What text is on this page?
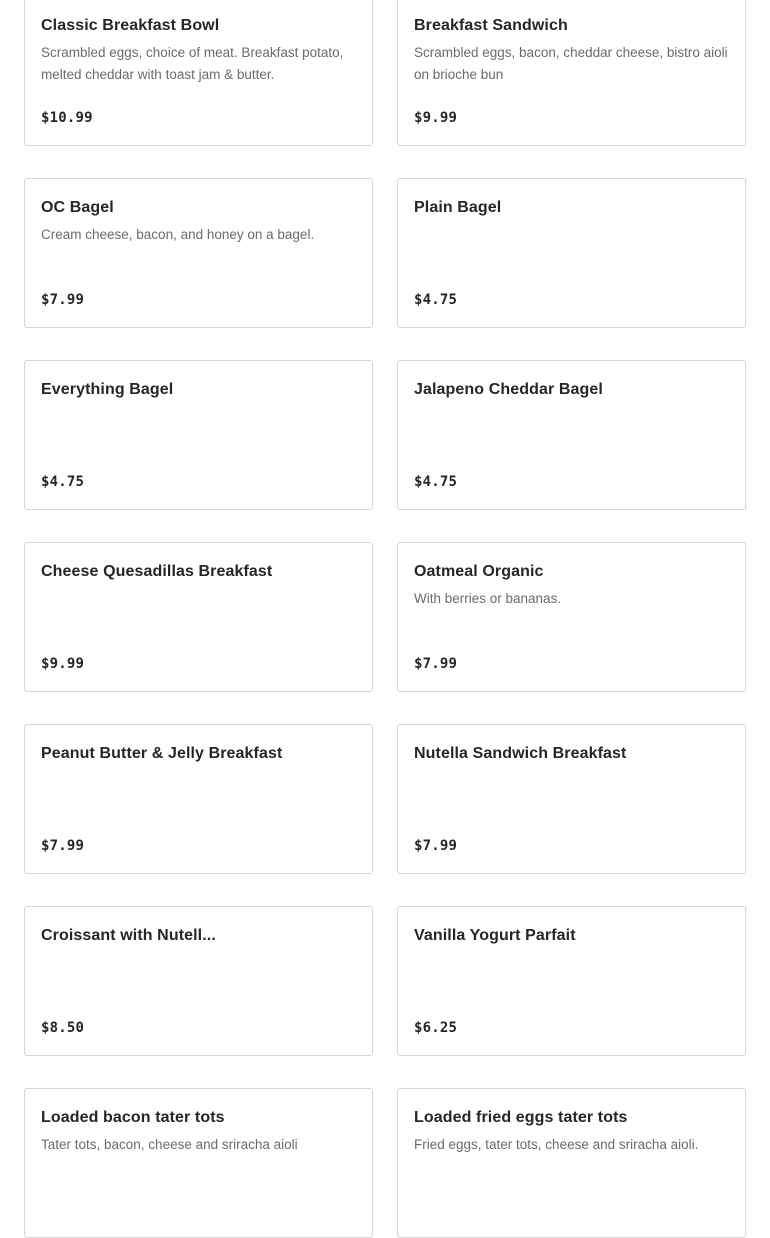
Classic Breakfast Bowl
Scrambled eggs, choice of meat. Breakfast potato, melted cheddar with toast jam & butter.
$10.99
Breakfast Sandwich
Scrambled eggs, bacon, cheddar cheese, bistro aioli on brioche bun
$9.99
OC Bagel
Cream cheese, bacon, and honey on a bagel.
$7.99
Plain Bagel
$4.75
Everything Bagel
$4.75
Jalapeno Cheddar Bagel
$4.75
Cheese Quesadillas Breakfast
$9.99
Oatmeal Organic
With berries or bananas.
$7.99
Peanut Butter & Jelly Breakfast
$7.99
Nutella Sandwich Breakfast
$7.99
Croissant with Nutell...
$8.50
Vanilla Yogurt Parfait
$6.25
Loaded bacon tater tots
Tater tots, bacon, cheese and sriracha aioli
Loaded fried eggs tater tots
Fried eggs, tater tots, cheese and sriracha aioli.
